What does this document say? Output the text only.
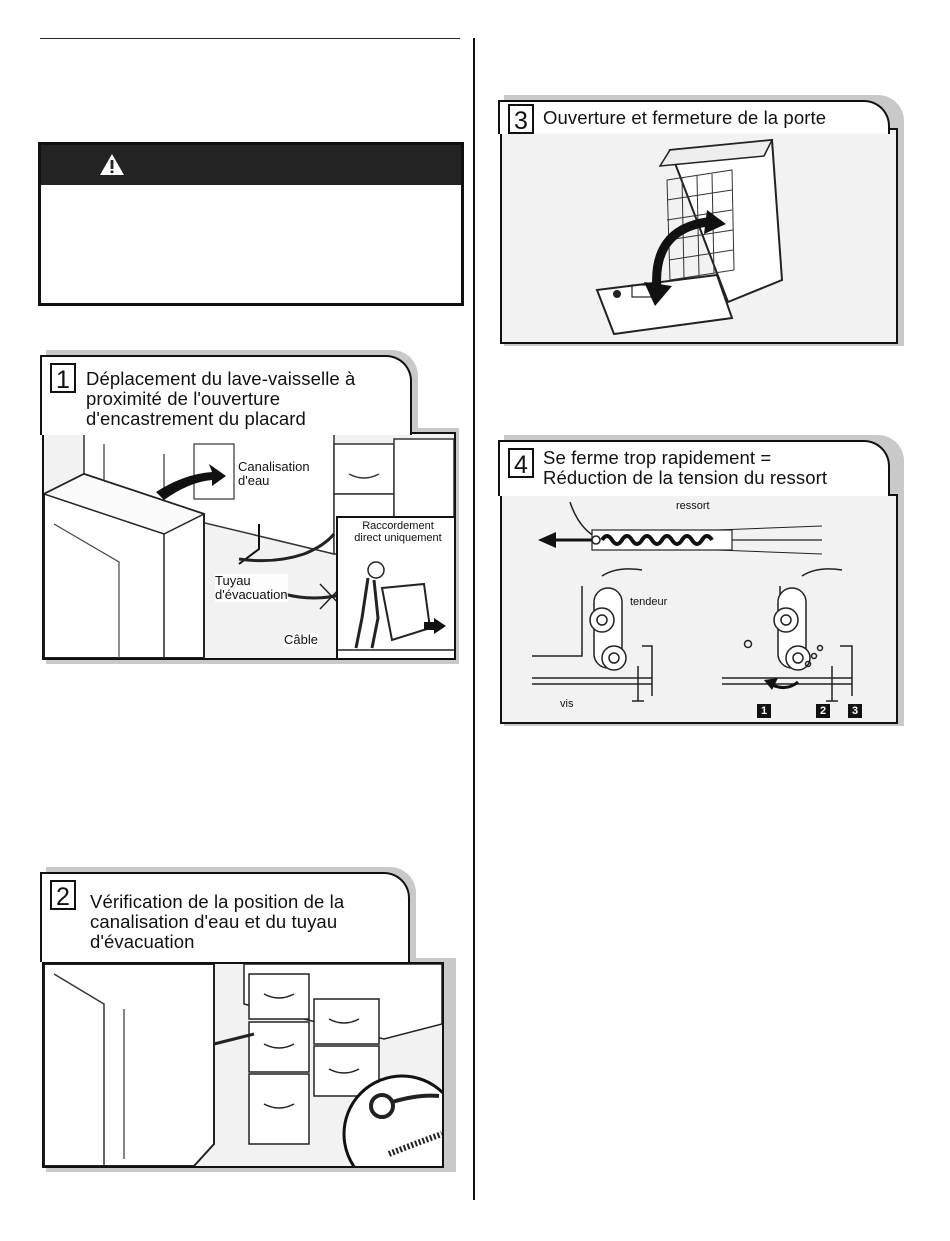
Canalisation
d'eau
Tuyau
d'évacuation
Câble
Raccordement
direct uniquement
1 Déplacement du lave-vaisselle à
proximité de l'ouverture
d'encastrement du placard
2	Vérification de la position de la
canalisation d'eau et du tuyau
d'évacuation
3 Ouverture et fermeture de la porte
ressort
tendeur
vis
1	2	3
4 Se ferme trop rapidement =
Réduction de la tension du ressort
